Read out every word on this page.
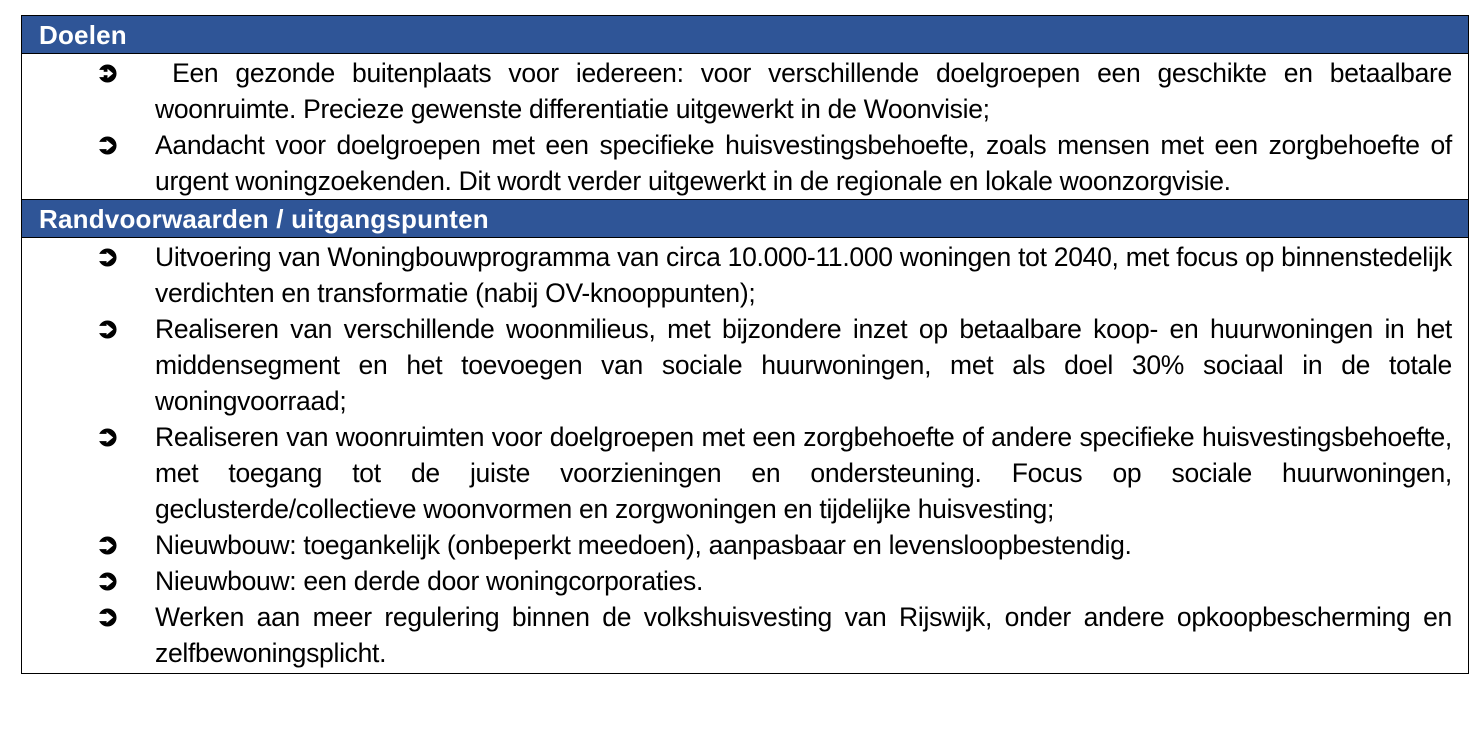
Doelen
Een gezonde buitenplaats voor iedereen: voor verschillende doelgroepen een geschikte en betaalbare woonruimte. Precieze gewenste differentiatie uitgewerkt in de Woonvisie;
Aandacht voor doelgroepen met een specifieke huisvestingsbehoefte, zoals mensen met een zorgbehoefte of urgent woningzoekenden. Dit wordt verder uitgewerkt in de regionale en lokale woonzorgvisie.
Randvoorwaarden / uitgangspunten
Uitvoering van Woningbouwprogramma van circa 10.000-11.000 woningen tot 2040, met focus op binnenstedelijk verdichten en transformatie (nabij OV-knooppunten);
Realiseren van verschillende woonmilieus, met bijzondere inzet op betaalbare koop- en huurwoningen in het middensegment en het toevoegen van sociale huurwoningen, met als doel 30% sociaal in de totale woningvoorraad;
Realiseren van woonruimten voor doelgroepen met een zorgbehoefte of andere specifieke huisvestingsbehoefte, met toegang tot de juiste voorzieningen en ondersteuning. Focus op sociale huurwoningen, geclusterde/collectieve woonvormen en zorgwoningen en tijdelijke huisvesting;
Nieuwbouw: toegankelijk (onbeperkt meedoen), aanpasbaar en levensloopbestendig.
Nieuwbouw: een derde door woningcorporaties.
Werken aan meer regulering binnen de volkshuisvesting van Rijswijk, onder andere opkoopbescherming en zelfbewoningsplicht.
